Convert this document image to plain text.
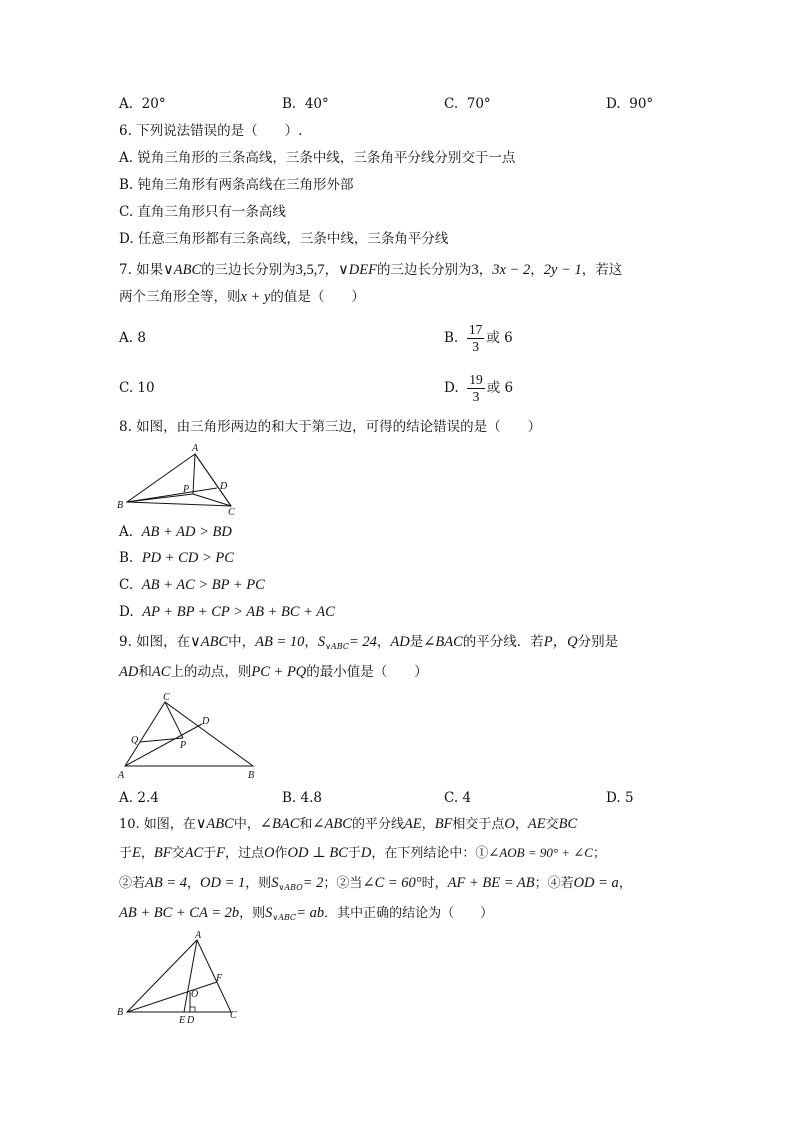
A. 20°	B. 40°	C. 70°	D. 90°
6. 下列说法错误的是（　　）.
A. 锐角三角形的三条高线，三条中线，三条角平分线分别交于一点
B. 钝角三角形有两条高线在三角形外部
C. 直角三角形只有一条高线
D. 任意三角形都有三条高线，三条中线，三条角平分线
7. 如果∨ABC的三边长分别为3,5,7，∨DEF的三边长分别为3，3x − 2，2y − 1，若这
两个三角形全等，则x + y的值是（　　）
A. 8	B. $\frac{17}{3}$ 或 6
C. 10	D. $\frac{19}{3}$ 或 6
8. 如图，由三角形两边的和大于第三边，可得的结论错误的是（　　）
A
B
C
D
P
A. AB + AD > BD
B. PD + CD > PC
C. AB + AC > BP + PC
D. AP + BP + CP > AB + BC + AC
9. 如图，在∨ABC中，AB = 10，$S_{\vee ABC}= 24$，AD是∠BAC的平分线．若P，Q分别是
AD和AC上的动点，则PC + PQ的最小值是（　　）
C
A	B
D
P
Q
A. 2.4	B. 4.8	C. 4	D. 5
10. 如图，在∨ABC中，∠BAC和∠ABC的平分线AE，BF相交于点O，AE交BC
于E，BF交AC于F，过点O作OD ⊥ BC于D，在下列结论中：①∠AOB = 90° + ∠C；
②若AB = 4，OD = 1，则$S_{\vee ABO}= 2$；②当∠C = 60°时，AF + BE = AB；④若OD = a，
AB + BC + CA = 2b，则$S_{\vee ABC}=$ ab．其中正确的结论为（　　）
A
B	C
E D
F
O
